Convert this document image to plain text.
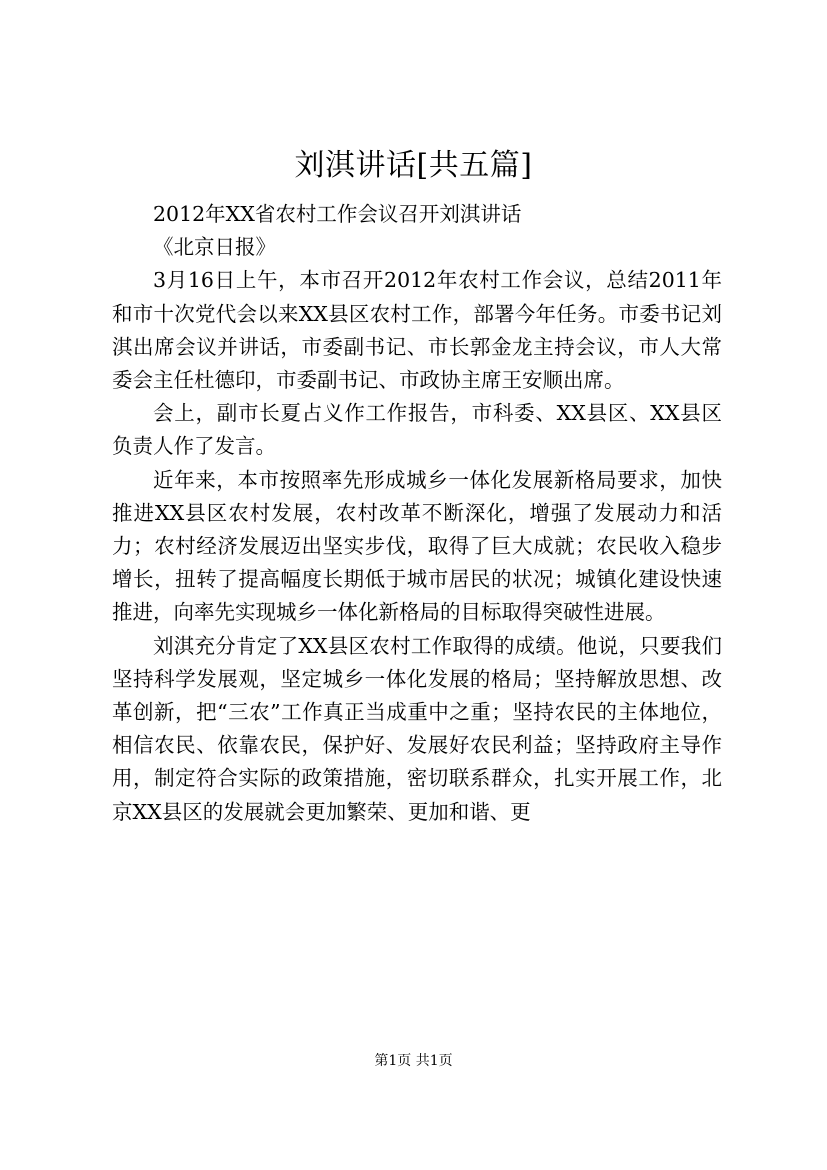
刘淇讲话[共五篇]

2012年XX省农村工作会议召开刘淇讲话

《北京日报》

3月16日上午，本市召开2012年农村工作会议，总结2011年和市十次党代会以来XX县区农村工作，部署今年任务。市委书记刘淇出席会议并讲话，市委副书记、市长郭金龙主持会议，市人大常委会主任杜德印，市委副书记、市政协主席王安顺出席。

会上，副市长夏占义作工作报告，市科委、XX县区、XX县区负责人作了发言。

近年来，本市按照率先形成城乡一体化发展新格局要求，加快推进XX县区农村发展，农村改革不断深化，增强了发展动力和活力；农村经济发展迈出坚实步伐，取得了巨大成就；农民收入稳步增长，扭转了提高幅度长期低于城市居民的状况；城镇化建设快速推进，向率先实现城乡一体化新格局的目标取得突破性进展。

刘淇充分肯定了XX县区农村工作取得的成绩。他说，只要我们坚持科学发展观，坚定城乡一体化发展的格局；坚持解放思想、改革创新，把“三农”工作真正当成重中之重；坚持农民的主体地位，相信农民、依靠农民，保护好、发展好农民利益；坚持政府主导作用，制定符合实际的政策措施，密切联系群众，扎实开展工作，北京XX县区的发展就会更加繁荣、更加和谐、更

第1页 共1页
